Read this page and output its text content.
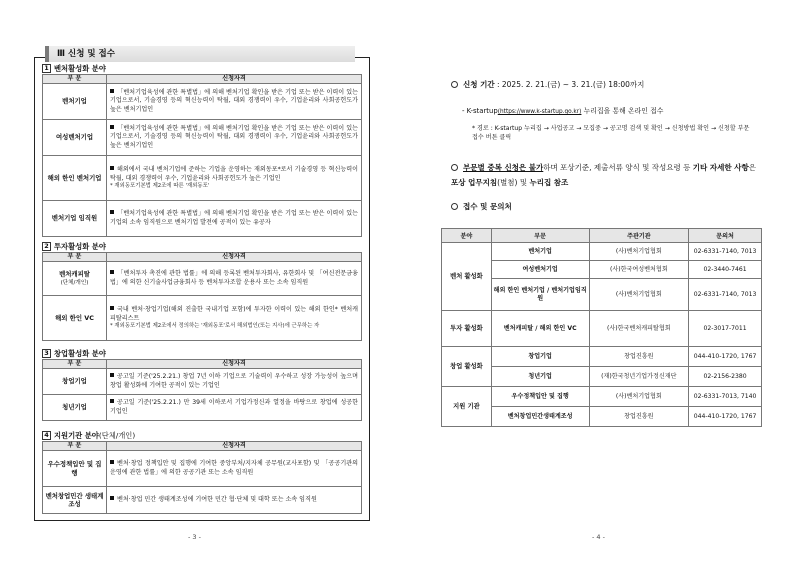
1 벤처활성화 분야
부 문	신청자격
벤처기업	「벤처기업육성에 관한 특별법」에 의해 벤처기업 확인을 받은 기업 또는 받은 이력이 있는 기업으로서, 기술경영 등의 혁신능력이 탁월, 대외 경쟁력이 우수, 기업윤리와 사회공헌도가 높은 벤처기업인
여성벤처기업	「벤처기업육성에 관한 특별법」에 의해 벤처기업 확인을 받은 기업 또는 받은 이력이 있는 기업으로서, 기술경영 등의 혁신능력이 탁월, 대외 경쟁력이 우수, 기업윤리와 사회공헌도가 높은 벤처기업인
해외 한인 벤처기업	해외에서 국내 벤처기업에 준하는 기업을 운영하는 재외동포*로서 기술경영 등 혁신능력이 탁월, 대외 경쟁력이 우수, 기업윤리와 사회공헌도가 높은 기업인
* 재외동포기본법 제2조에 따른 '재외동포'

벤처기업 임직원	「벤처기업육성에 관한 특별법」에 의해 벤처기업 확인을 받은 기업 또는 받은 이력이 있는 기업의 소속 임직원으로 벤처기업 발전에 공적이 있는 유공자
2 투자활성화 분야
부 문	신청자격

벤처캐피탈
(단체/개인)	「벤처투자 촉진에 관한 법률」에 의해 등록된 벤처투자회사, 유한회사 및 「여신전문금융법」에 의한 신기술사업금융회사 등 벤처투자조합 운용사 또는 소속 임직원
해외 한인 VC	국내 벤처·창업기업(해외 진출한 국내기업 포함)에 투자한 이력이 있는 해외 한인* 벤처캐피탈리스트
* 재외동포기본법 제2조에서 정의하는 '재외동포'로서 해외법인(또는 지사)에 근무하는 자
3 창업활성화 분야
부 문	신청자격
창업기업	공고일 기준('25.2.21.) 창업 7년 이하 기업으로 기술력이 우수하고 성장 가능성이 높으며 창업 활성화에 기여한 공적이 있는 기업인
청년기업	공고일 기준('25.2.21.) 만 39세 이하로서 기업가정신과 열정을 바탕으로 창업에 성공한 기업인
4 지원기관 분야 (단체/개인)
부 문	신청자격
우수정책입안 및 집행	벤처·창업 정책입안 및 집행에 기여한 중앙부처/지자체 공무원(교사포함) 및 「공공기관의 운영에 관한 법률」에 의한 공공기관 또는 소속 임직원
벤처창업민간 생태계조성	벤처·창업 민간 생태계조성에 기여한 민간 협·단체 및 대학 또는 소속 임직원
- 3 -
Ⅲ 신청 및 접수
신청 기간 : 2025. 2. 21.(금) ~ 3. 21.(금) 18:00까지
- K-startup(https://www.k-startup.go.kr) 누리집을 통해 온라인 접수
* 경로 : K-startup 누리집 → 사업공고 → 모집중 → 공고명 검색 및 확인 → 신청방법 확인 → 신청할 부문 접수 버튼 클릭
부문별 중복 신청은 불가하며 포상기준, 제출서류 양식 및 작성요령 등 기타 자세한 사항은 포상 업무지침(별첨) 및 누리집 참조
접수 및 문의처
분야	부문	주관기관	문의처
벤처 활성화	벤처기업	(사)벤처기업협회	02-6331-7140, 7013
	여성벤처기업	(사)한국여성벤처협회	02-3440-7461
	해외 한인 벤처기업 / 벤처기업임직원	(사)벤처기업협회	02-6331-7140, 7013
투자 활성화	벤처캐피탈 / 해외 한인 VC	(사)한국벤처캐피탈협회	02-3017-7011
창업 활성화	창업기업	창업진흥원	044-410-1720, 1767
	청년기업	(재)한국청년기업가정신재단	02-2156-2380
지원 기관	우수정책입안 및 집행	(사)벤처기업협회	02-6331-7013, 7140
	벤처창업민간생태계조성	창업진흥원	044-410-1720, 1767
- 4 -
